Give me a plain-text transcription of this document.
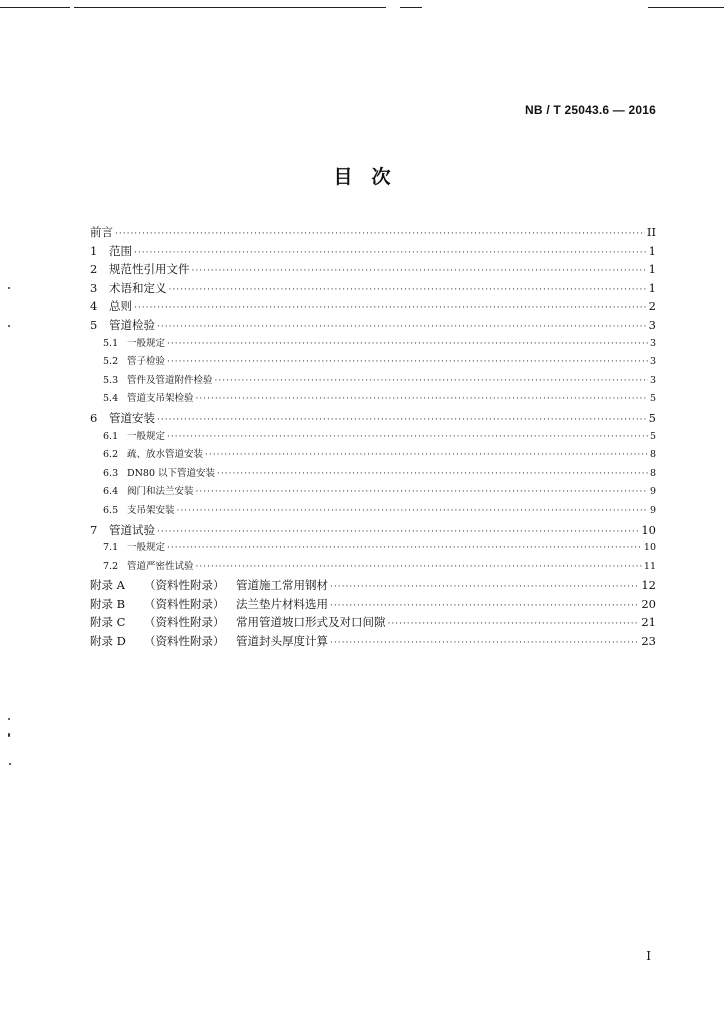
NB / T 25043.6 — 2016
目　次
前言 ·····	II
1	范围 ·····	1
2	规范性引用文件 ·····	1
3	术语和定义 ·····	1
4	总则 ·····	2
5	管道检验 ·····	3
5.1 一般规定 ·····	3
5.2 管子检验 ·····	3
5.3 管件及管道附件检验 ·····	3
5.4 管道支吊架检验 ·····	5
6	管道安装 ·····	5
6.1 一般规定 ·····	5
6.2 疏、放水管道安装 ·····	8
6.3 DN80 以下管道安装 ·····	8
6.4 阀门和法兰安装 ·····	9
6.5 支吊架安装 ·····	9
7	管道试验 ·····	10
7.1 一般规定 ·····	10
7.2 管道严密性试验 ·····	11
附录 A	（资料性附录）	管道施工常用钢材 ·····	12
附录 B	（资料性附录）	法兰垫片材料选用 ·····	20
附录 C	（资料性附录）	常用管道坡口形式及对口间隙 ·····	21
附录 D	（资料性附录）	管道封头厚度计算 ·····	23
I
